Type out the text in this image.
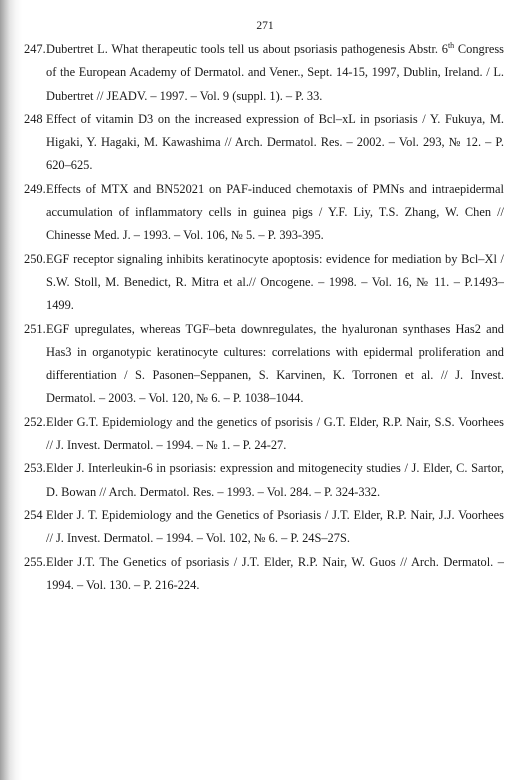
271

247. Dubertret L. What therapeutic tools tell us about psoriasis pathogenesis Abstr. 6th Congress of the European Academy of Dermatol. and Vener., Sept. 14-15, 1997, Dublin, Ireland. / L. Dubertret // JEADV. – 1997. – Vol. 9 (suppl. 1). – P. 33.

248 Effect of vitamin D3 on the increased expression of Bcl–xL in psoriasis / Y. Fukuya, M. Higaki, Y. Hagaki, M. Kawashima // Arch. Dermatol. Res. – 2002. – Vol. 293, № 12. – P. 620–625.

249. Effects of MTX and BN52021 on PAF-induced chemotaxis of PMNs and intraepidermal accumulation of inflammatory cells in guinea pigs / Y.F. Liy, T.S. Zhang, W. Chen // Chinesse Med. J. – 1993. – Vol. 106, № 5. – P. 393-395.

250. EGF receptor signaling inhibits keratinocyte apoptosis: evidence for mediation by Bcl–Xl / S.W. Stoll, M. Benedict, R. Mitra et al.// Oncogene. – 1998. – Vol. 16, № 11. – P.1493–1499.

251. EGF upregulates, whereas TGF–beta downregulates, the hyaluronan synthases Has2 and Has3 in organotypic keratinocyte cultures: correlations with epidermal proliferation and differentiation / S. Pasonen–Seppanen, S. Karvinen, K. Torronen et al. // J. Invest. Dermatol. – 2003. – Vol. 120, № 6. – P. 1038–1044.

252. Elder G.T. Epidemiology and the genetics of psorisis / G.T. Elder, R.P. Nair, S.S. Voorhees // J. Invest. Dermatol. – 1994. – № 1. – P. 24-27.

253. Elder J. Interleukin-6 in psoriasis: expression and mitogenecity studies / J. Elder, C. Sartor, D. Bowan // Arch. Dermatol. Res. – 1993. – Vol. 284. – P. 324-332.

254 Elder J. T. Epidemiology and the Genetics of Psoriasis / J.T. Elder, R.P. Nair, J.J. Voorhees // J. Invest. Dermatol. – 1994. – Vol. 102, № 6. – P. 24S–27S.

255. Elder J.T. The Genetics of psoriasis / J.T. Elder, R.P. Nair, W. Guos // Arch. Dermatol. – 1994. – Vol. 130. – P. 216-224.
